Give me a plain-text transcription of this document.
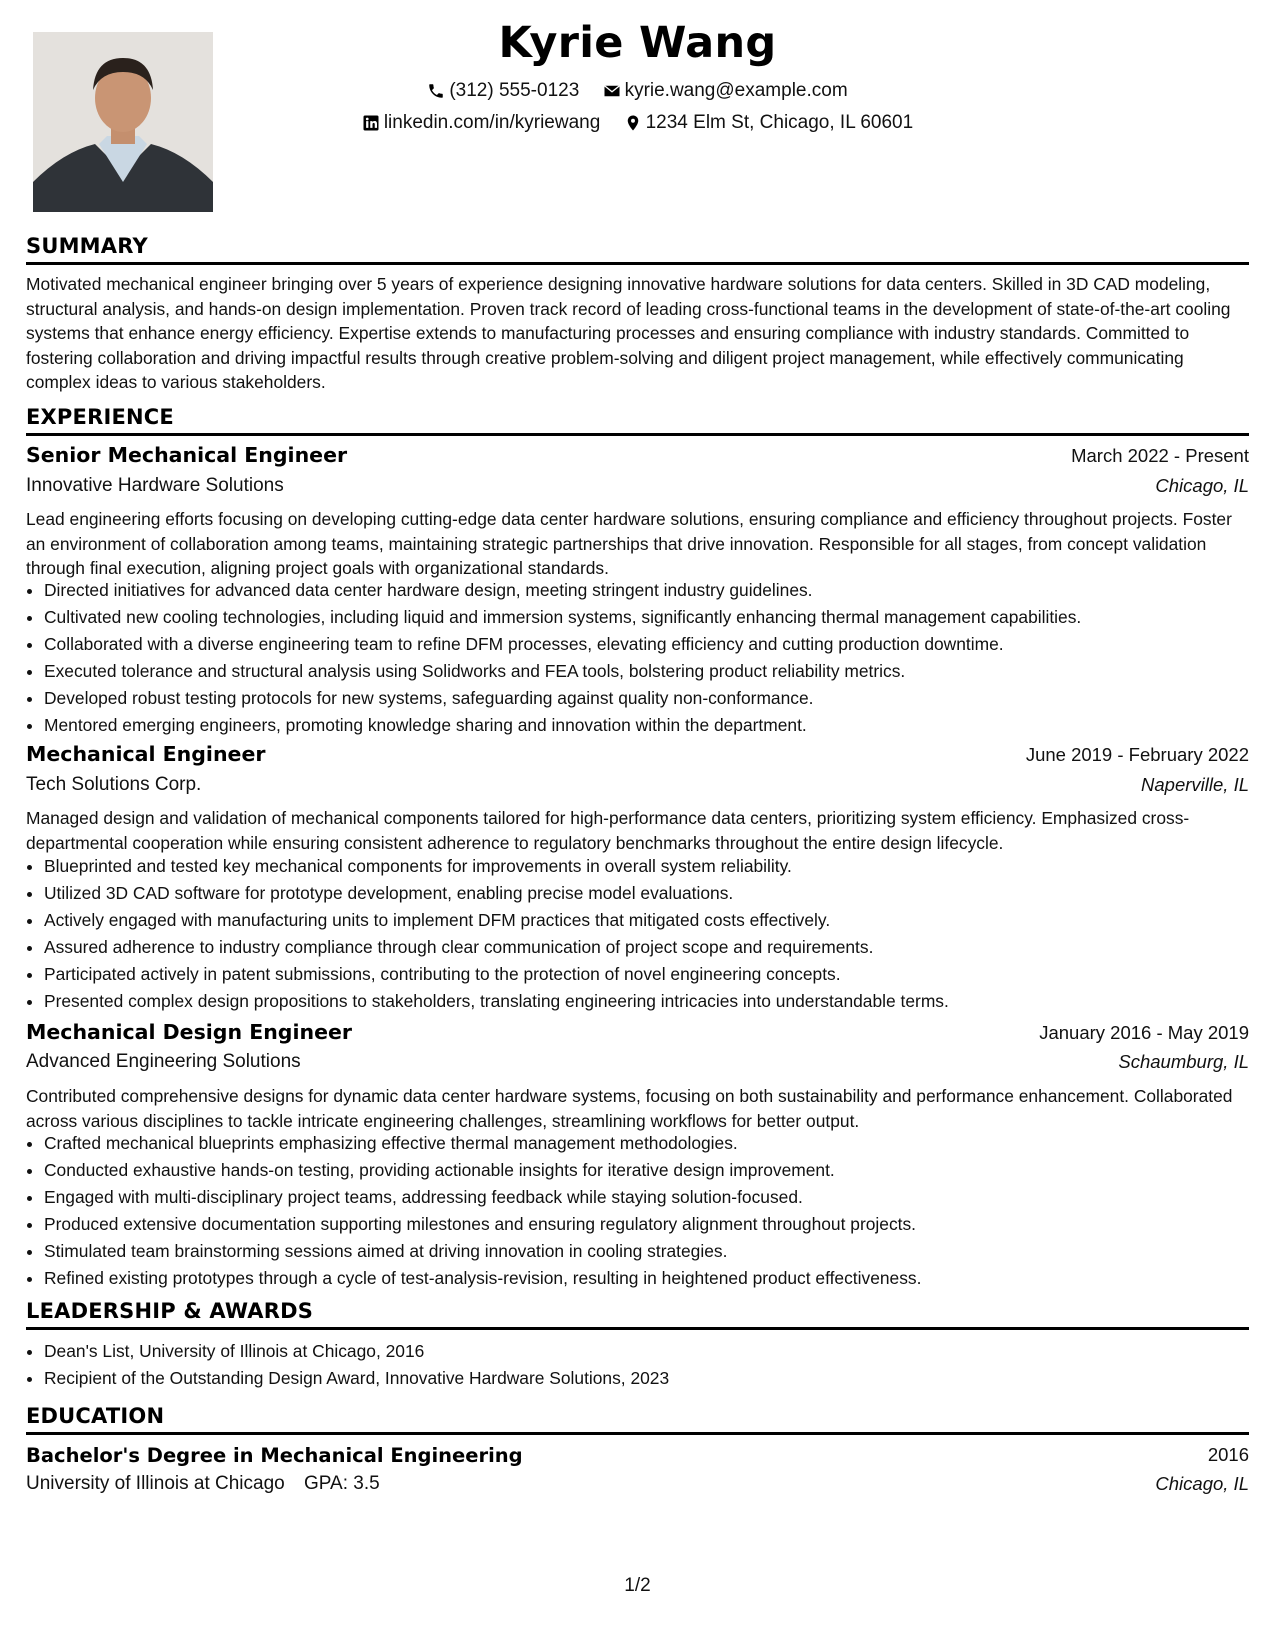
Kyrie Wang
(312) 555-0123
kyrie.wang@example.com
linkedin.com/in/kyriewang
1234 Elm St, Chicago, IL 60601
SUMMARY
Motivated mechanical engineer bringing over 5 years of experience designing innovative hardware solutions for data centers. Skilled in 3D CAD modeling, structural analysis, and hands-on design implementation. Proven track record of leading cross-functional teams in the development of state-of-the-art cooling systems that enhance energy efficiency. Expertise extends to manufacturing processes and ensuring compliance with industry standards. Committed to fostering collaboration and driving impactful results through creative problem-solving and diligent project management, while effectively communicating complex ideas to various stakeholders.
EXPERIENCE
Senior Mechanical Engineer	March 2022 - Present
Innovative Hardware Solutions	Chicago, IL
Lead engineering efforts focusing on developing cutting-edge data center hardware solutions, ensuring compliance and efficiency throughout projects. Foster an environment of collaboration among teams, maintaining strategic partnerships that drive innovation. Responsible for all stages, from concept validation through final execution, aligning project goals with organizational standards.
• Directed initiatives for advanced data center hardware design, meeting stringent industry guidelines.
• Cultivated new cooling technologies, including liquid and immersion systems, significantly enhancing thermal management capabilities.
• Collaborated with a diverse engineering team to refine DFM processes, elevating efficiency and cutting production downtime.
• Executed tolerance and structural analysis using Solidworks and FEA tools, bolstering product reliability metrics.
• Developed robust testing protocols for new systems, safeguarding against quality non-conformance.
• Mentored emerging engineers, promoting knowledge sharing and innovation within the department.
Mechanical Engineer	June 2019 - February 2022
Tech Solutions Corp.	Naperville, IL
Managed design and validation of mechanical components tailored for high-performance data centers, prioritizing system efficiency. Emphasized cross-departmental cooperation while ensuring consistent adherence to regulatory benchmarks throughout the entire design lifecycle.
• Blueprinted and tested key mechanical components for improvements in overall system reliability.
• Utilized 3D CAD software for prototype development, enabling precise model evaluations.
• Actively engaged with manufacturing units to implement DFM practices that mitigated costs effectively.
• Assured adherence to industry compliance through clear communication of project scope and requirements.
• Participated actively in patent submissions, contributing to the protection of novel engineering concepts.
• Presented complex design propositions to stakeholders, translating engineering intricacies into understandable terms.
Mechanical Design Engineer	January 2016 - May 2019
Advanced Engineering Solutions	Schaumburg, IL
Contributed comprehensive designs for dynamic data center hardware systems, focusing on both sustainability and performance enhancement. Collaborated across various disciplines to tackle intricate engineering challenges, streamlining workflows for better output.
• Crafted mechanical blueprints emphasizing effective thermal management methodologies.
• Conducted exhaustive hands-on testing, providing actionable insights for iterative design improvement.
• Engaged with multi-disciplinary project teams, addressing feedback while staying solution-focused.
• Produced extensive documentation supporting milestones and ensuring regulatory alignment throughout projects.
• Stimulated team brainstorming sessions aimed at driving innovation in cooling strategies.
• Refined existing prototypes through a cycle of test-analysis-revision, resulting in heightened product effectiveness.
LEADERSHIP & AWARDS
• Dean's List, University of Illinois at Chicago, 2016
• Recipient of the Outstanding Design Award, Innovative Hardware Solutions, 2023
EDUCATION
Bachelor's Degree in Mechanical Engineering	2016
University of Illinois at Chicago GPA: 3.5	Chicago, IL
1/2
